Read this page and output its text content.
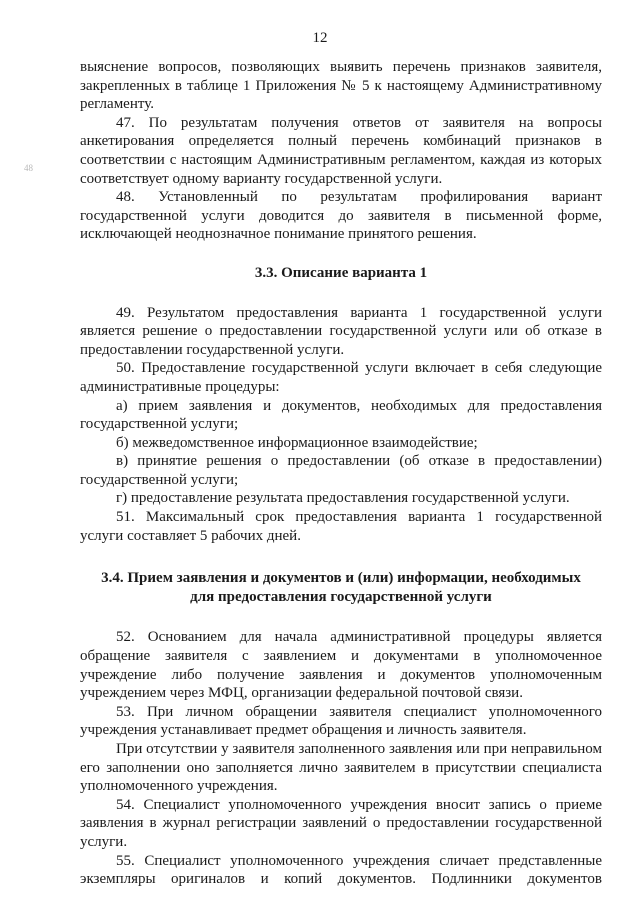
12
48

выяснение вопросов, позволяющих выявить перечень признаков заявителя, закрепленных в таблице 1 Приложения № 5 к настоящему Административному регламенту.

47. По результатам получения ответов от заявителя на вопросы анкетирования определяется полный перечень комбинаций признаков в соответствии с настоящим Административным регламентом, каждая из которых соответствует одному варианту государственной услуги.

48. Установленный по результатам профилирования вариант государственной услуги доводится до заявителя в письменной форме, исключающей неоднозначное понимание принятого решения.

3.3. Описание варианта 1

49. Результатом предоставления варианта 1 государственной услуги является решение о предоставлении государственной услуги или об отказе в предоставлении государственной услуги.

50. Предоставление государственной услуги включает в себя следующие административные процедуры:

а) прием заявления и документов, необходимых для предоставления государственной услуги;

б) межведомственное информационное взаимодействие;

в) принятие решения о предоставлении (об отказе в предоставлении) государственной услуги;

г) предоставление результата предоставления государственной услуги.

51. Максимальный срок предоставления варианта 1 государственной услуги составляет 5 рабочих дней.

3.4. Прием заявления и документов и (или) информации, необходимых
для предоставления государственной услуги

52. Основанием для начала административной процедуры является обращение заявителя с заявлением и документами в уполномоченное учреждение либо получение заявления и документов уполномоченным учреждением через МФЦ, организации федеральной почтовой связи.

53. При личном обращении заявителя специалист уполномоченного учреждения устанавливает предмет обращения и личность заявителя.

При отсутствии у заявителя заполненного заявления или при неправильном его заполнении оно заполняется лично заявителем в присутствии специалиста уполномоченного учреждения.

54. Специалист уполномоченного учреждения вносит запись о приеме заявления в журнал регистрации заявлений о предоставлении государственной услуги.

55. Специалист уполномоченного учреждения сличает представленные экземпляры оригиналов и копий документов. Подлинники документов
